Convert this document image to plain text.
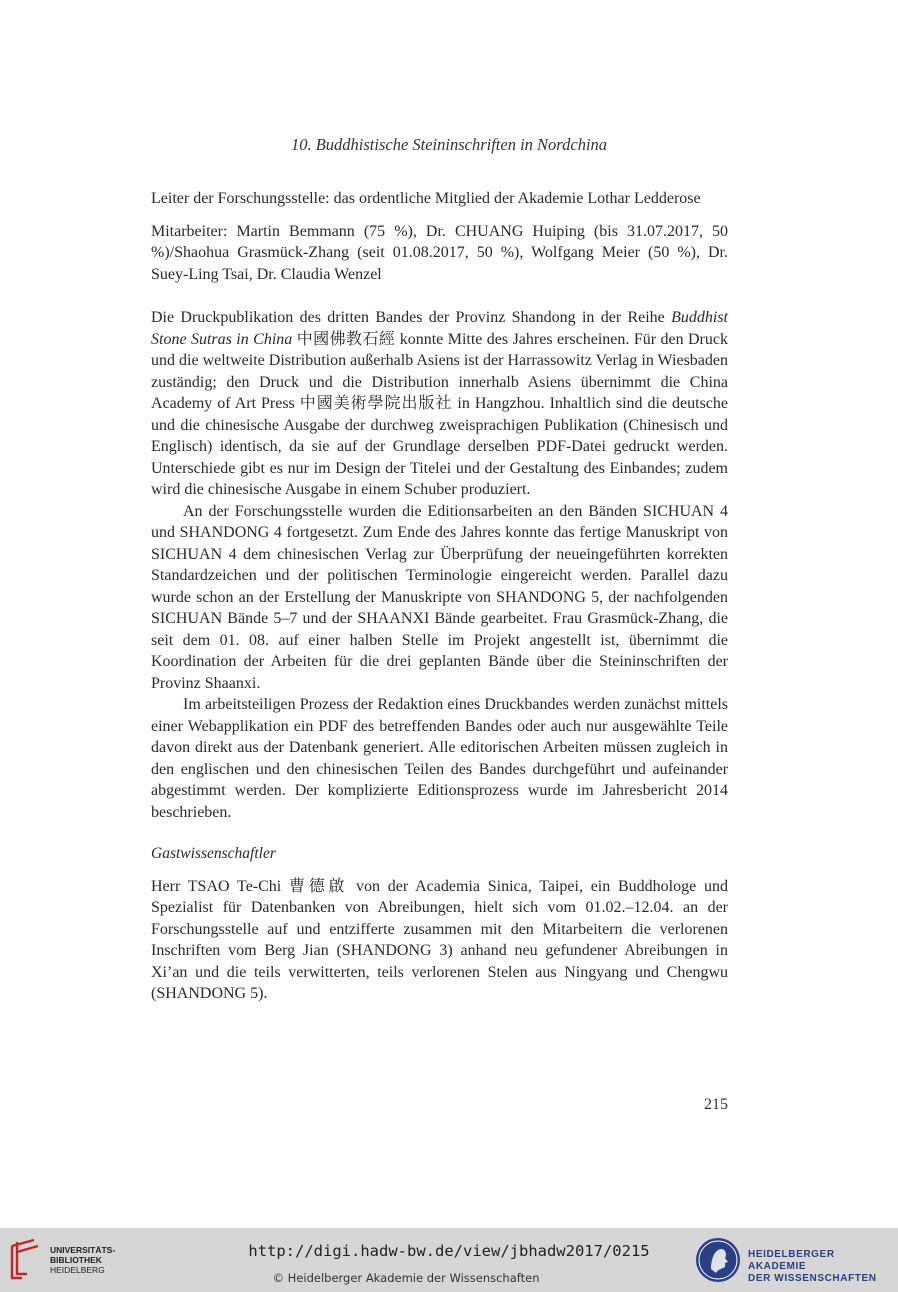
10. Buddhistische Steininschriften in Nordchina

Leiter der Forschungsstelle: das ordentliche Mitglied der Akademie Lothar Ledderose

Mitarbeiter: Martin Bemmann (75 %), Dr. CHUANG Huiping (bis 31.07.2017, 50 %)/Shaohua Grasmück-Zhang (seit 01.08.2017, 50 %), Wolfgang Meier (50 %), Dr. Suey-Ling Tsai, Dr. Claudia Wenzel

Die Druckpublikation des dritten Bandes der Provinz Shandong in der Reihe Buddhist Stone Sutras in China 中國佛教石經 konnte Mitte des Jahres erscheinen. Für den Druck und die weltweite Distribution außerhalb Asiens ist der Harrassowitz Verlag in Wiesbaden zuständig; den Druck und die Distribution innerhalb Asiens übernimmt die China Academy of Art Press 中國美術學院出版社 in Hangzhou. Inhaltlich sind die deutsche und die chinesische Ausgabe der durchweg zweisprachigen Publikation (Chinesisch und Englisch) identisch, da sie auf der Grundlage derselben PDF-Datei gedruckt werden. Unterschiede gibt es nur im Design der Titelei und der Gestaltung des Einbandes; zudem wird die chinesische Ausgabe in einem Schuber produziert.

An der Forschungsstelle wurden die Editionsarbeiten an den Bänden SICHUAN 4 und SHANDONG 4 fortgesetzt. Zum Ende des Jahres konnte das fertige Manuskript von SICHUAN 4 dem chinesischen Verlag zur Überprüfung der neueingeführten korrekten Standardzeichen und der politischen Terminologie eingereicht werden. Parallel dazu wurde schon an der Erstellung der Manuskripte von SHANDONG 5, der nachfolgenden SICHUAN Bände 5–7 und der SHAANXI Bände gearbeitet. Frau Grasmück-Zhang, die seit dem 01. 08. auf einer halben Stelle im Projekt angestellt ist, übernimmt die Koordination der Arbeiten für die drei geplanten Bände über die Steininschriften der Provinz Shaanxi.

Im arbeitsteiligen Prozess der Redaktion eines Druckbandes werden zunächst mittels einer Webapplikation ein PDF des betreffenden Bandes oder auch nur ausgewählte Teile davon direkt aus der Datenbank generiert. Alle editorischen Arbeiten müssen zugleich in den englischen und den chinesischen Teilen des Bandes durchgeführt und aufeinander abgestimmt werden. Der komplizierte Editionsprozess wurde im Jahresbericht 2014 beschrieben.

Gastwissenschaftler

Herr TSAO Te-Chi 曹德啟 von der Academia Sinica, Taipei, ein Buddhologe und Spezialist für Datenbanken von Abreibungen, hielt sich vom 01.02.–12.04. an der Forschungsstelle auf und entzifferte zusammen mit den Mitarbeitern die verlorenen Inschriften vom Berg Jian (SHANDONG 3) anhand neu gefundener Abreibungen in Xi’an und die teils verwitterten, teils verlorenen Stelen aus Ningyang und Chengwu (SHANDONG 5).

215
UNIVERSITÄTS-
BIBLIOTHEK
HEIDELBERG
http://digi.hadw-bw.de/view/jbhadw2017/0215
© Heidelberger Akademie der Wissenschaften
HEIDELBERGER AKADEMIE
DER WISSENSCHAFTEN
